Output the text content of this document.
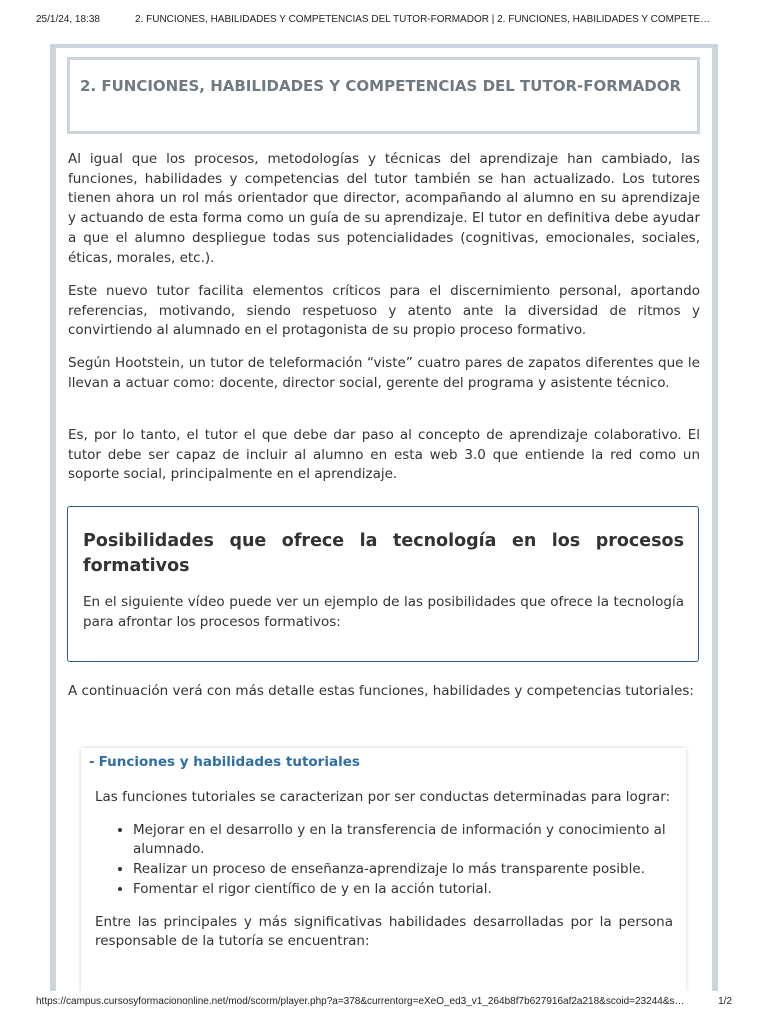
25/1/24, 18:38	2. FUNCIONES, HABILIDADES Y COMPETENCIAS DEL TUTOR-FORMADOR | 2. FUNCIONES, HABILIDADES Y COMPETE…
2. FUNCIONES, HABILIDADES Y COMPETENCIAS DEL TUTOR-FORMADOR

Al igual que los procesos, metodologías y técnicas del aprendizaje han cambiado, las funciones, habilidades y competencias del tutor también se han actualizado. Los tutores tienen ahora un rol más orientador que director, acompañando al alumno en su aprendizaje y actuando de esta forma como un guía de su aprendizaje. El tutor en definitiva debe ayudar a que el alumno despliegue todas sus potencialidades (cognitivas, emocionales, sociales, éticas, morales, etc.).

Este nuevo tutor facilita elementos críticos para el discernimiento personal, aportando referencias, motivando, siendo respetuoso y atento ante la diversidad de ritmos y convirtiendo al alumnado en el protagonista de su propio proceso formativo.

Según Hootstein, un tutor de teleformación “viste” cuatro pares de zapatos diferentes que le llevan a actuar como: docente, director social, gerente del programa y asistente técnico.

Es, por lo tanto, el tutor el que debe dar paso al concepto de aprendizaje colaborativo. El tutor debe ser capaz de incluir al alumno en esta web 3.0 que entiende la red como un soporte social, principalmente en el aprendizaje.

Posibilidades que ofrece la tecnología en los procesos formativos

En el siguiente vídeo puede ver un ejemplo de las posibilidades que ofrece la tecnología para afrontar los procesos formativos:

A continuación verá con más detalle estas funciones, habilidades y competencias tutoriales:

- Funciones y habilidades tutoriales

Las funciones tutoriales se caracterizan por ser conductas determinadas para lograr:

• Mejorar en el desarrollo y en la transferencia de información y conocimiento al alumnado.
• Realizar un proceso de enseñanza-aprendizaje lo más transparente posible.
• Fomentar el rigor científico de y en la acción tutorial.

Entre las principales y más significativas habilidades desarrolladas por la persona responsable de la tutoría se encuentran:

https://campus.cursosyformaciononline.net/mod/scorm/player.php?a=378&currentorg=eXeO_ed3_v1_264b8f7b627916af2a218&scoid=23244&s…	1/2
